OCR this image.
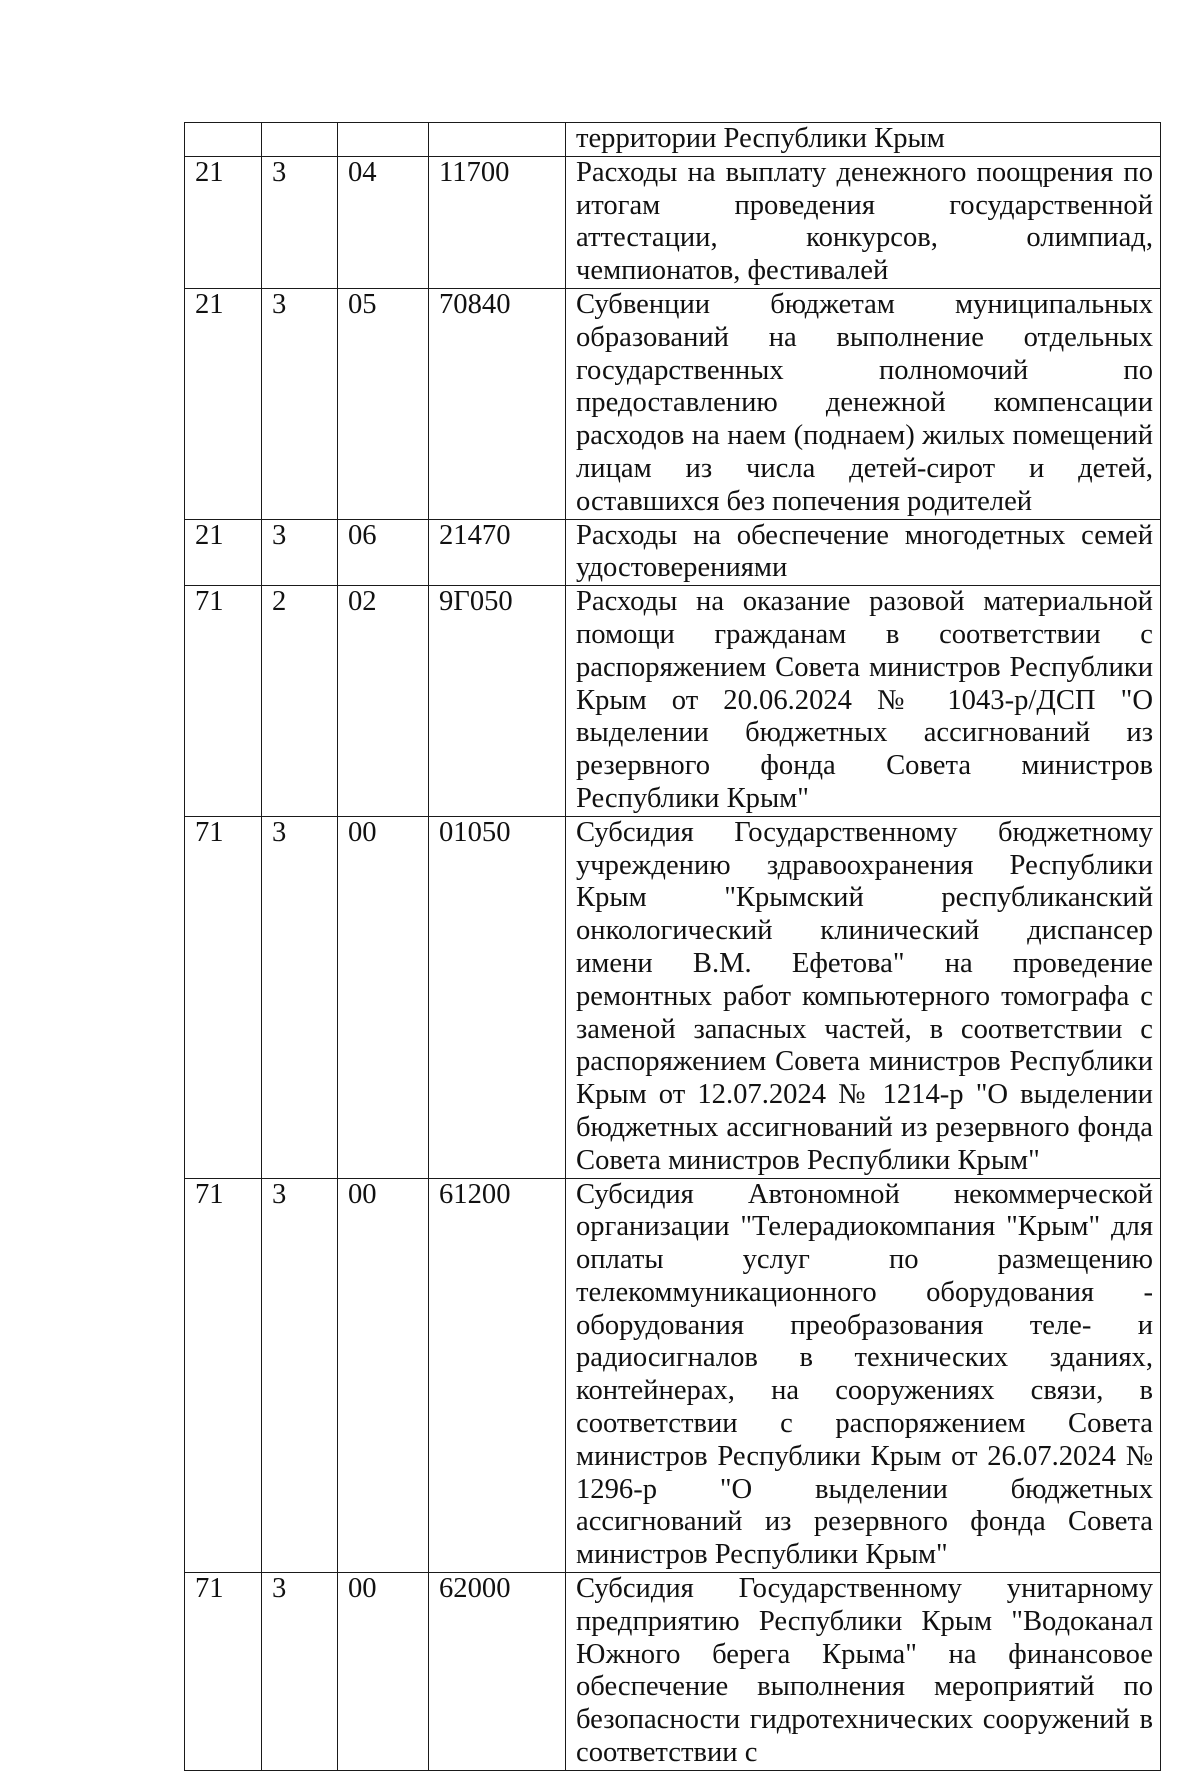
				территории Республики Крым
21	3	04	11700	Расходы на выплату денежного поощрения по итогам проведения государственной аттестации, конкурсов, олимпиад, чемпионатов, фестивалей
21	3	05	70840	Субвенции бюджетам муниципальных образований на выполнение отдельных государственных полномочий по предоставлению денежной компенсации расходов на наем (поднаем) жилых помещений лицам из числа детей-сирот и детей, оставшихся без попечения родителей
21	3	06	21470	Расходы на обеспечение многодетных семей удостоверениями
71	2	02	9Г050	Расходы на оказание разовой материальной помощи гражданам в соответствии с распоряжением Совета министров Республики Крым от 20.06.2024 № 1043-р/ДСП "О выделении бюджетных ассигнований из резервного фонда Совета министров Республики Крым"
71	3	00	01050	Субсидия Государственному бюджетному учреждению здравоохранения Республики Крым "Крымский республиканский онкологический клинический диспансер имени В.М. Ефетова" на проведение ремонтных работ компьютерного томографа с заменой запасных частей, в соответствии с распоряжением Совета министров Республики Крым от 12.07.2024 № 1214-р "О выделении бюджетных ассигнований из резервного фонда Совета министров Республики Крым"
71	3	00	61200	Субсидия Автономной некоммерческой организации "Телерадиокомпания "Крым" для оплаты услуг по размещению телекоммуникационного оборудования - оборудования преобразования теле- и радиосигналов в технических зданиях, контейнерах, на сооружениях связи, в соответствии с распоряжением Совета министров Республики Крым от 26.07.2024 № 1296-р "О выделении бюджетных ассигнований из резервного фонда Совета министров Республики Крым"
71	3	00	62000	Субсидия Государственному унитарному предприятию Республики Крым "Водоканал Южного берега Крыма" на финансовое обеспечение выполнения мероприятий по безопасности гидротехнических сооружений в соответствии с
